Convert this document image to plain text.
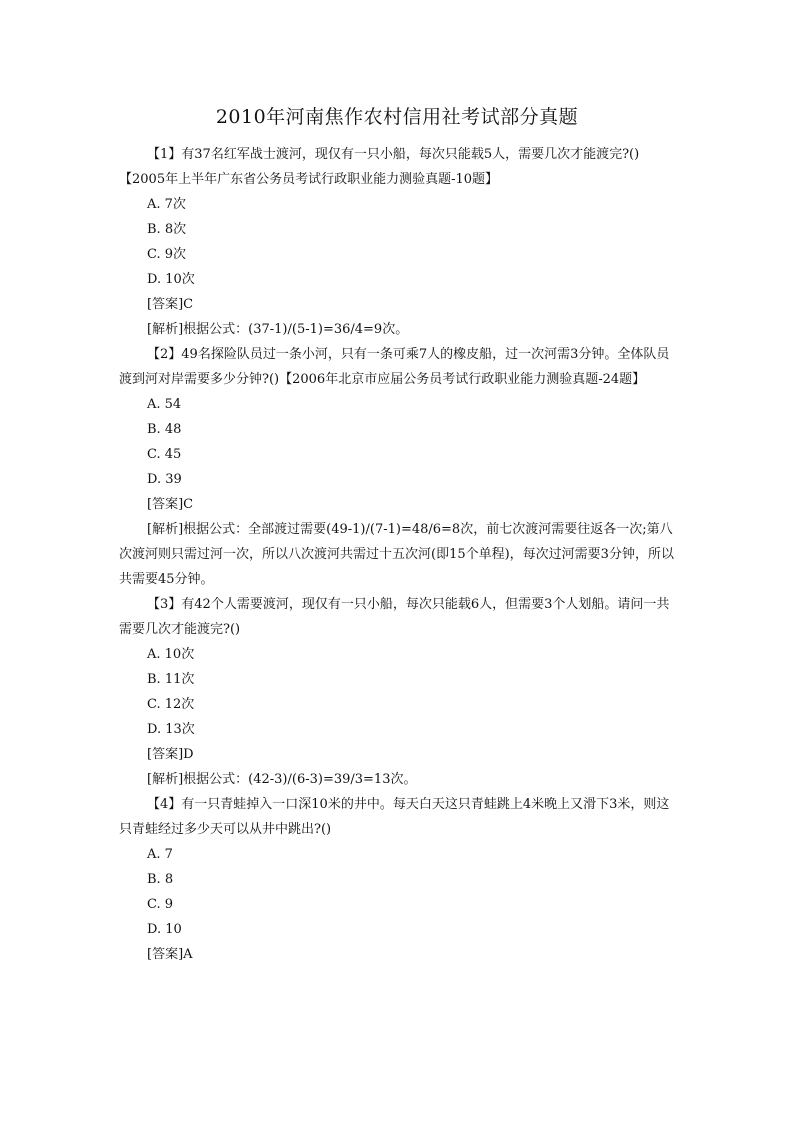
2010年河南焦作农村信用社考试部分真题

【1】有37名红军战士渡河，现仅有一只小船，每次只能载5人，需要几次才能渡完?()【2005年上半年广东省公务员考试行政职业能力测验真题-10题】

A. 7次

B. 8次

C. 9次

D. 10次

[答案]C

[解析]根据公式：(37-1)/(5-1)=36/4=9次。

【2】49名探险队员过一条小河，只有一条可乘7人的橡皮船，过一次河需3分钟。全体队员渡到河对岸需要多少分钟?()【2006年北京市应届公务员考试行政职业能力测验真题-24题】

A. 54

B. 48

C. 45

D. 39

[答案]C

[解析]根据公式：全部渡过需要(49-1)/(7-1)=48/6=8次，前七次渡河需要往返各一次;第八次渡河则只需过河一次，所以八次渡河共需过十五次河(即15个单程)，每次过河需要3分钟，所以共需要45分钟。

【3】有42个人需要渡河，现仅有一只小船，每次只能载6人，但需要3个人划船。请问一共需要几次才能渡完?()

A. 10次

B. 11次

C. 12次

D. 13次

[答案]D

[解析]根据公式：(42-3)/(6-3)=39/3=13次。

【4】有一只青蛙掉入一口深10米的井中。每天白天这只青蛙跳上4米晚上又滑下3米，则这只青蛙经过多少天可以从井中跳出?()

A. 7

B. 8

C. 9

D. 10

[答案]A
